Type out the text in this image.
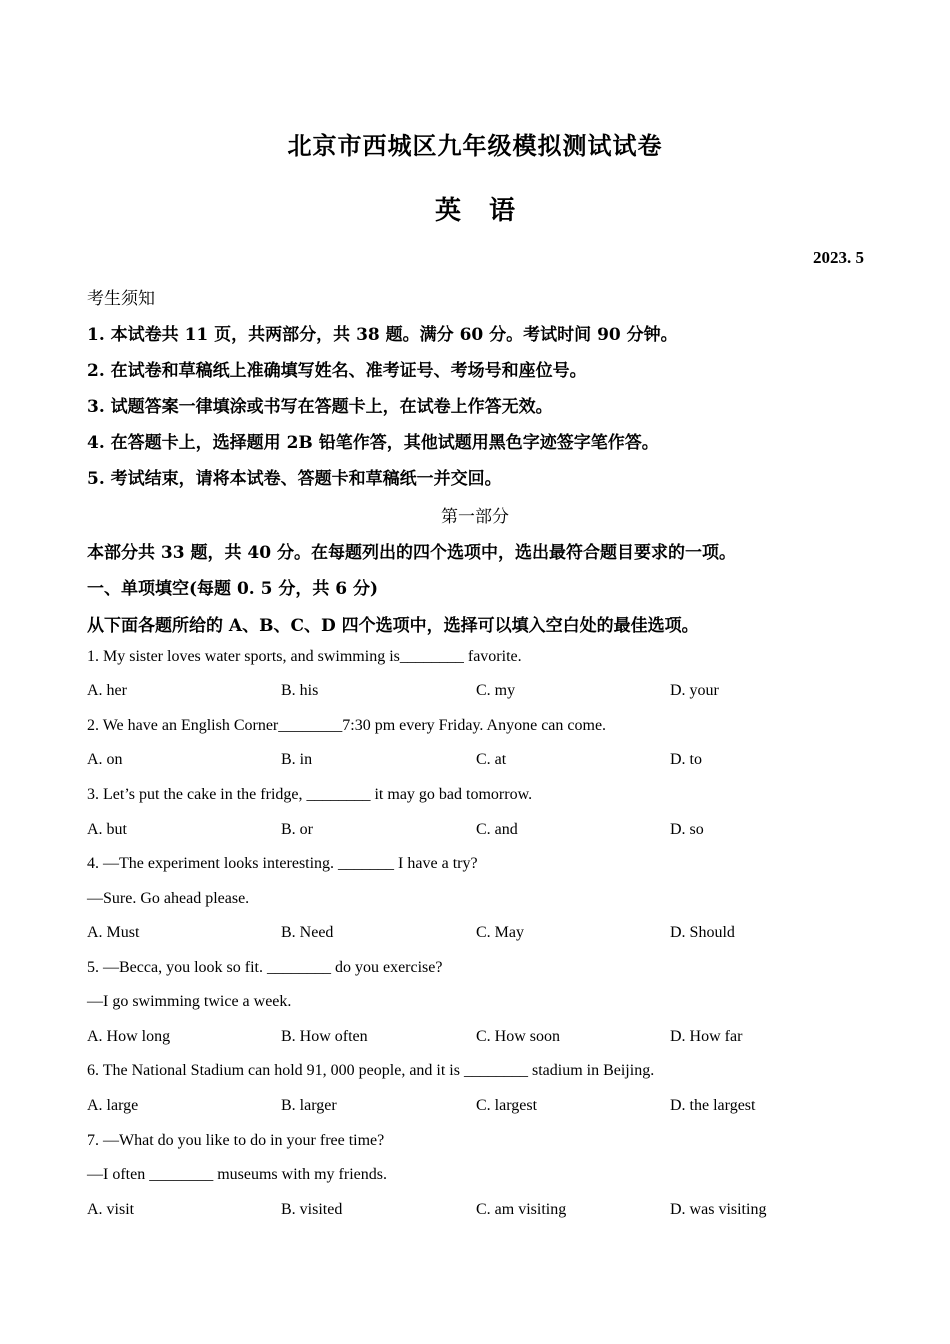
北京市西城区九年级模拟测试试卷
英语
2023. 5
考生须知
1. 本试卷共 11 页，共两部分，共 38 题。满分 60 分。考试时间 90 分钟。
2. 在试卷和草稿纸上准确填写姓名、准考证号、考场号和座位号。
3. 试题答案一律填涂或书写在答题卡上，在试卷上作答无效。
4. 在答题卡上，选择题用 2B 铅笔作答，其他试题用黑色字迹签字笔作答。
5. 考试结束，请将本试卷、答题卡和草稿纸一并交回。
第一部分
本部分共 33 题，共 40 分。在每题列出的四个选项中，选出最符合题目要求的一项。
一、单项填空(每题 0. 5 分，共 6 分)
从下面各题所给的 A、B、C、D 四个选项中，选择可以填入空白处的最佳选项。
1. My sister loves water sports, and swimming is________ favorite.
A. her	B. his	C. my	D. your
2. We have an English Corner________7:30 pm every Friday. Anyone can come.
A. on	B. in	C. at	D. to
3. Let’s put the cake in the fridge, ________ it may go bad tomorrow.
A. but	B. or	C. and	D. so
4. —The experiment looks interesting. _______ I have a try?
—Sure. Go ahead please.
A. Must	B. Need	C. May	D. Should
5. —Becca, you look so fit. ________ do you exercise?
—I go swimming twice a week.
A. How long	B. How often	C. How soon	D. How far
6. The National Stadium can hold 91, 000 people, and it is ________ stadium in Beijing.
A. large	B. larger	C. largest	D. the largest
7. —What do you like to do in your free time?
—I often ________ museums with my friends.
A. visit	B. visited	C. am visiting	D. was visiting
